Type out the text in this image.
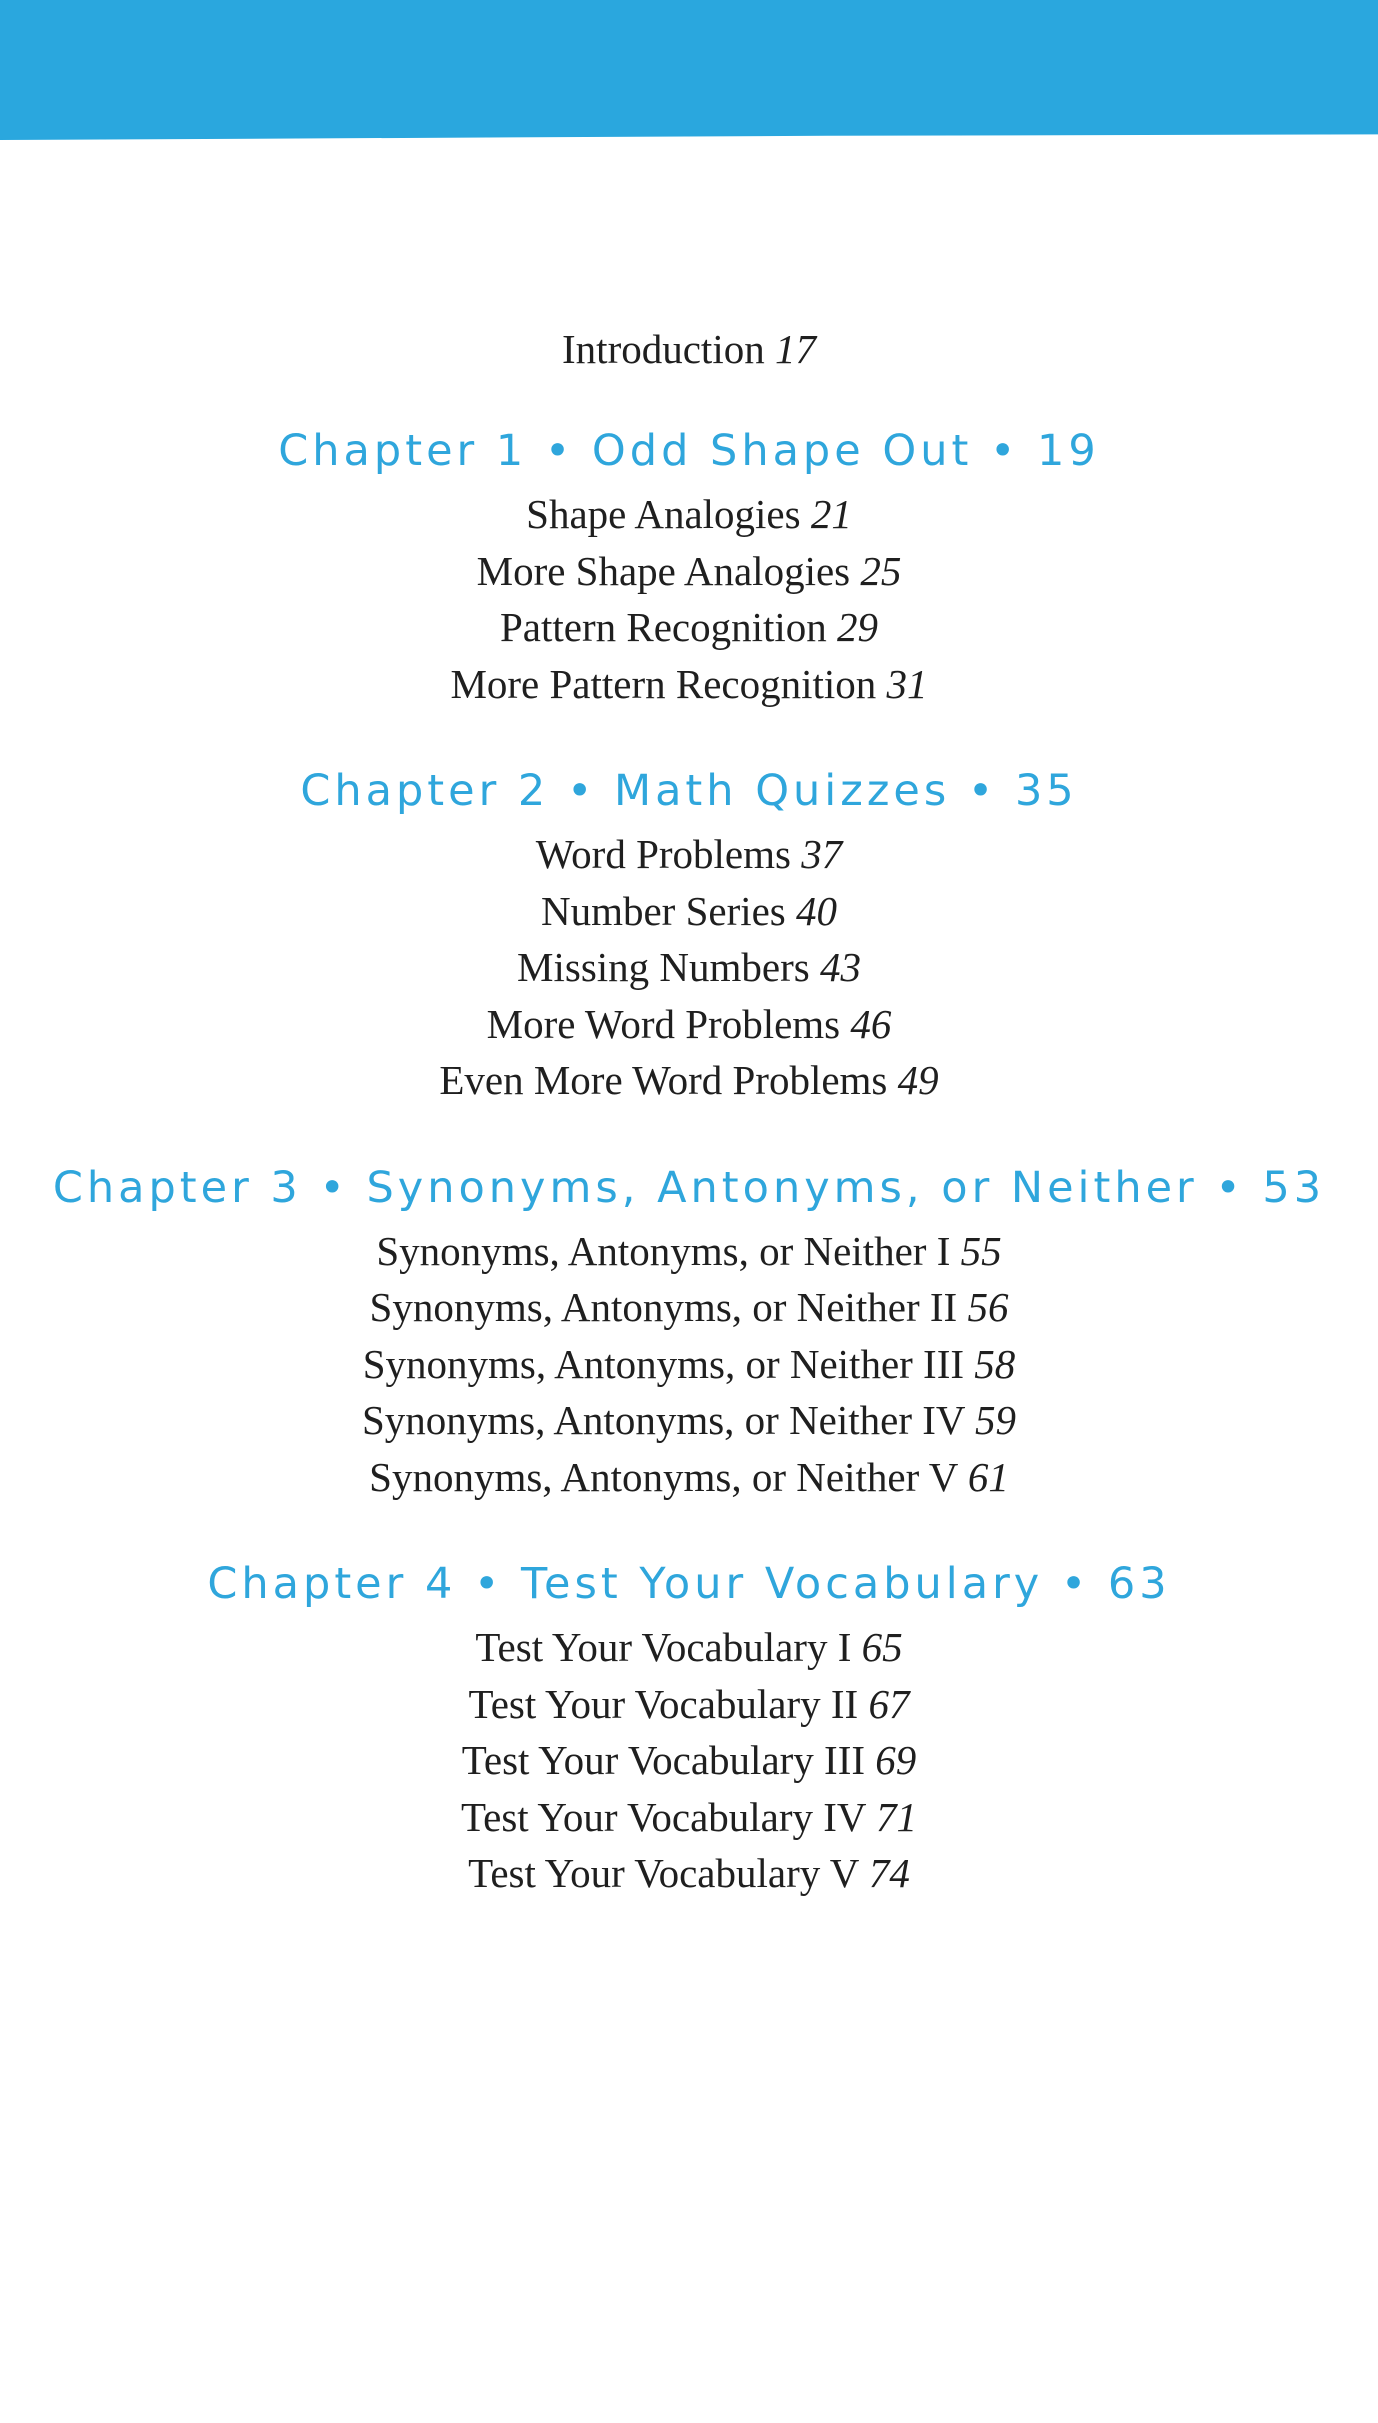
Introduction 17
Chapter 1 • Odd Shape Out • 19
Shape Analogies 21
More Shape Analogies 25
Pattern Recognition 29
More Pattern Recognition 31
Chapter 2 • Math Quizzes • 35
Word Problems 37
Number Series 40
Missing Numbers 43
More Word Problems 46
Even More Word Problems 49
Chapter 3 • Synonyms, Antonyms, or Neither • 53
Synonyms, Antonyms, or Neither I 55
Synonyms, Antonyms, or Neither II 56
Synonyms, Antonyms, or Neither III 58
Synonyms, Antonyms, or Neither IV 59
Synonyms, Antonyms, or Neither V 61
Chapter 4 • Test Your Vocabulary • 63
Test Your Vocabulary I 65
Test Your Vocabulary II 67
Test Your Vocabulary III 69
Test Your Vocabulary IV 71
Test Your Vocabulary V 74
